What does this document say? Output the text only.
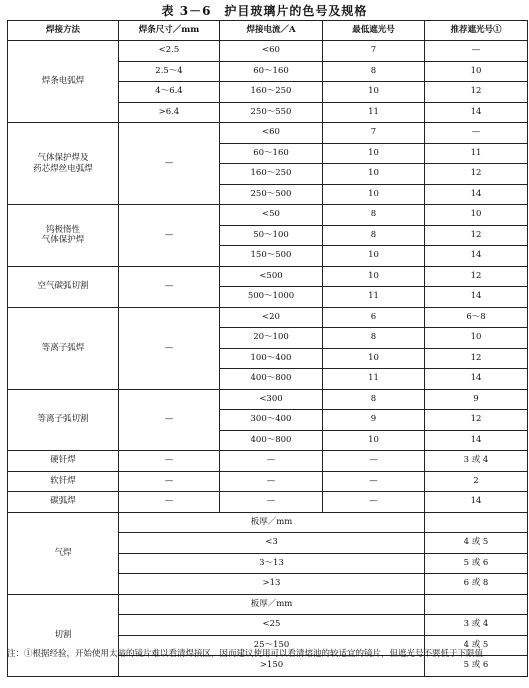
表 3－6　护目玻璃片的色号及规格
焊接方法	焊条尺寸／mm	焊接电流／A	最低遮光号	推荐遮光号①
焊条电弧焊	<2.5	<60	7	—
	2.5～4	60～160	8	10
	4～6.4	160～250	10	12
	>6.4	250～550	11	14
气体保护焊及
药芯焊丝电弧焊	—	<60	7	—
		60～160	10	11
		160～250	10	12
		250～500	10	14
钨极惰性
气体保护焊	—	<50	8	10
		50～100	8	12
		150～500	10	14
空气碳弧切割	—	<500	10	12
		500～1000	11	14
等离子弧焊	—	<20	6	6～8
		20～100	8	10
		100～400	10	12
		400～800	11	14
等离子弧切割	—	<300	8	9
		300～400	9	12
		400～800	10	14
硬钎焊	—	—	—	3 或 4
软钎焊	—	—	—	2
碳弧焊	—	—	—	14
气焊	板厚／mm			
	<3			4 或 5
	3～13			5 或 6
	>13			6 或 8
切割	板厚／mm			
	<25			3 或 4
	25～150			4 或 5
	>150			5 或 6
注：①根据经验，开始使用太暗的镜片难以看清焊接区，因而建议使用可以看清熔池的较适宜的镜片，但遮光号不要低于下限值
